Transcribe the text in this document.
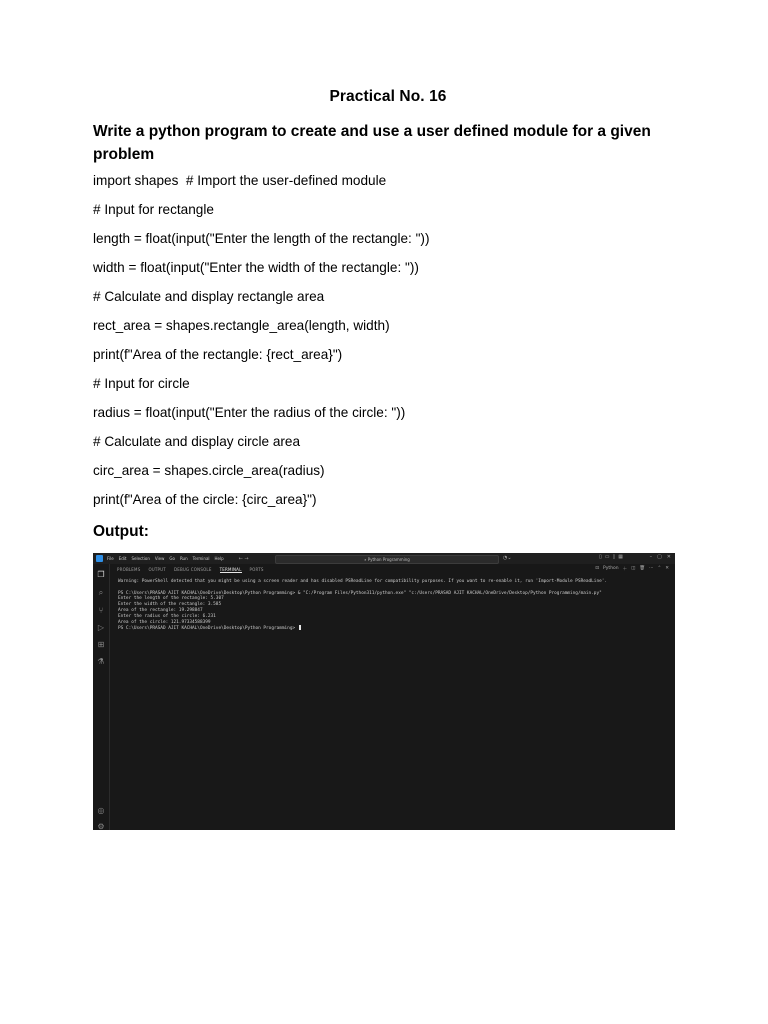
Practical No. 16
Write a python program to create and use a user defined module for a given problem
import shapes  # Import the user-defined module
# Input for rectangle
length = float(input("Enter the length of the rectangle: "))
width = float(input("Enter the width of the rectangle: "))
# Calculate and display rectangle area
rect_area = shapes.rectangle_area(length, width)
print(f"Area of the rectangle: {rect_area}")
# Input for circle
radius = float(input("Enter the radius of the circle: "))
# Calculate and display circle area
circ_area = shapes.circle_area(radius)
print(f"Area of the circle: {circ_area}")
Output:
File Edit Selection View Go Run Terminal Help	← →	⌕ Python Programming	◔⌄	▯ ▭ ▯ ▦	– ▢ ✕
❐
⌕
⑂
▷
⊞
⚗
◎
⚙
PROBLEMS OUTPUT DEBUG CONSOLE TERMINAL PORTS	⊡ Python ＋ ◫ 🗑 ··· ⌃ ✕
Warning: PowerShell detected that you might be using a screen reader and has disabled PSReadLine for compatibility purposes. If you want to re-enable it, run 'Import-Module PSReadLine'.
PS C:\Users\PRASAD AJIT KACHAL\OneDrive\Desktop\Python Programming> & "C:/Program Files/Python311/python.exe" "c:/Users/PRASAD AJIT KACHAL/OneDrive/Desktop/Python Programming/main.py"
Enter the length of the rectangle: 5.307
Enter the width of the rectangle: 3.585
Area of the rectangle: 19.298847
Enter the radius of the circle: 6.231
Area of the circle: 121.97334588399
PS C:\Users\PRASAD AJIT KACHAL\OneDrive\Desktop\Python Programming>
